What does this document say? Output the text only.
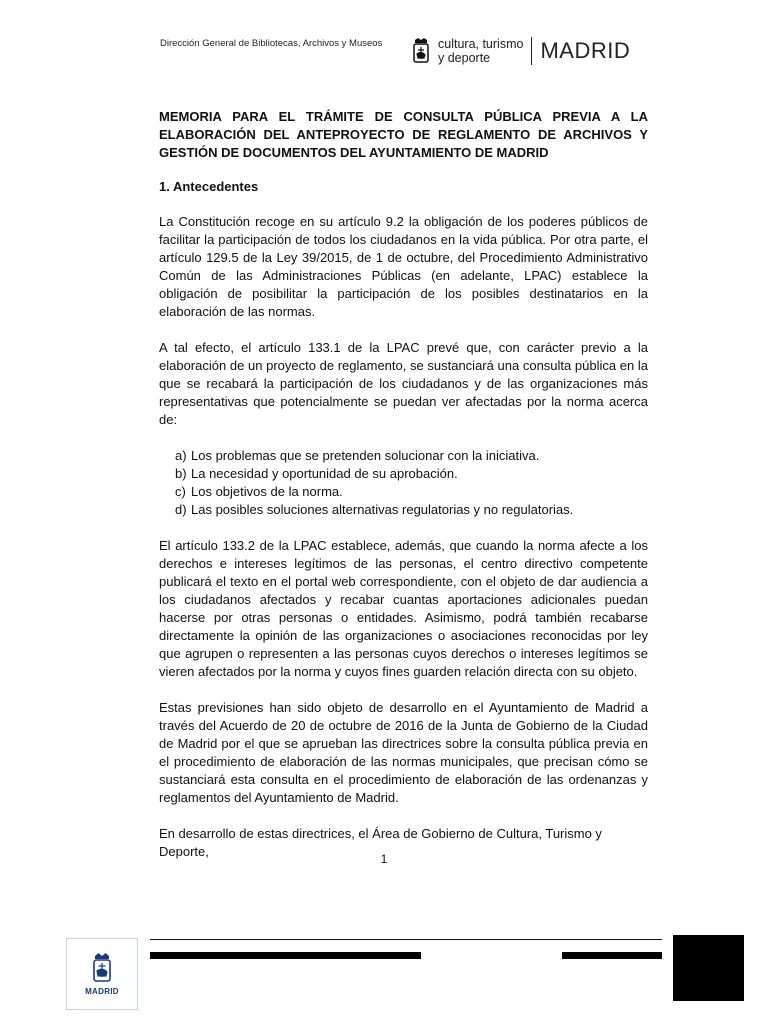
Dirección General de Bibliotecas, Archivos y Museos	cultura, turismo
y deporte	MADRID
MEMORIA PARA EL TRÁMITE DE CONSULTA PÚBLICA PREVIA A LA ELABORACIÓN DEL ANTEPROYECTO DE REGLAMENTO DE ARCHIVOS Y GESTIÓN DE DOCUMENTOS DEL AYUNTAMIENTO DE MADRID
1. Antecedentes
La Constitución recoge en su artículo 9.2 la obligación de los poderes públicos de facilitar la participación de todos los ciudadanos en la vida pública. Por otra parte, el artículo 129.5 de la Ley 39/2015, de 1 de octubre, del Procedimiento Administrativo Común de las Administraciones Públicas (en adelante, LPAC) establece la obligación de posibilitar la participación de los posibles destinatarios en la elaboración de las normas.
A tal efecto, el artículo 133.1 de la LPAC prevé que, con carácter previo a la elaboración de un proyecto de reglamento, se sustanciará una consulta pública en la que se recabará la participación de los ciudadanos y de las organizaciones más representativas que potencialmente se puedan ver afectadas por la norma acerca de:
a) Los problemas que se pretenden solucionar con la iniciativa.
b) La necesidad y oportunidad de su aprobación.
c) Los objetivos de la norma.
d) Las posibles soluciones alternativas regulatorias y no regulatorias.
El artículo 133.2 de la LPAC establece, además, que cuando la norma afecte a los derechos e intereses legítimos de las personas, el centro directivo competente publicará el texto en el portal web correspondiente, con el objeto de dar audiencia a los ciudadanos afectados y recabar cuantas aportaciones adicionales puedan hacerse por otras personas o entidades. Asimismo, podrá también recabarse directamente la opinión de las organizaciones o asociaciones reconocidas por ley que agrupen o representen a las personas cuyos derechos o intereses legítimos se vieren afectados por la norma y cuyos fines guarden relación directa con su objeto.
Estas previsiones han sido objeto de desarrollo en el Ayuntamiento de Madrid a través del Acuerdo de 20 de octubre de 2016 de la Junta de Gobierno de la Ciudad de Madrid por el que se aprueban las directrices sobre la consulta pública previa en el procedimiento de elaboración de las normas municipales, que precisan cómo se sustanciará esta consulta en el procedimiento de elaboración de las ordenanzas y reglamentos del Ayuntamiento de Madrid.
En desarrollo de estas directrices, el Área de Gobierno de Cultura, Turismo y Deporte,	1
MADRID
